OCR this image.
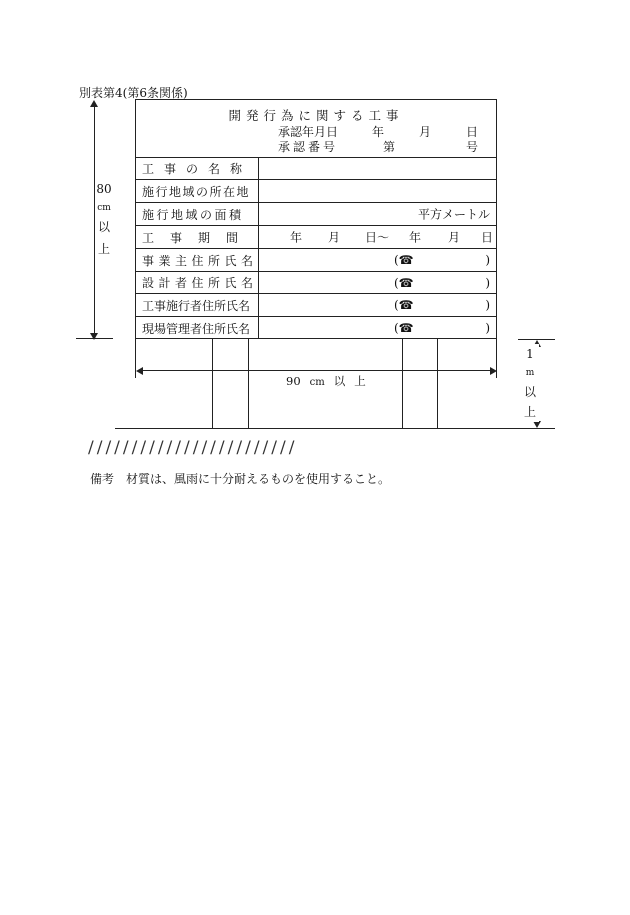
別表第4(第6条関係)
80
cm
以
上
開発行為に関する工事
承認年月日	年	月	日
承認番号	第	号
工事の名称
施行地域の所在地
施行地域の面積	平方メートル
工事期間	年 月 日～ 年 月 日
事業主住所氏名	(☎	)
設計者住所氏名	(☎	)
工事施行者住所氏名	(☎	)
現場管理者住所氏名	(☎	)
90 cm 以 上
////////////////////////
1
m
以
上
備考　材質は、風雨に十分耐えるものを使用すること。
